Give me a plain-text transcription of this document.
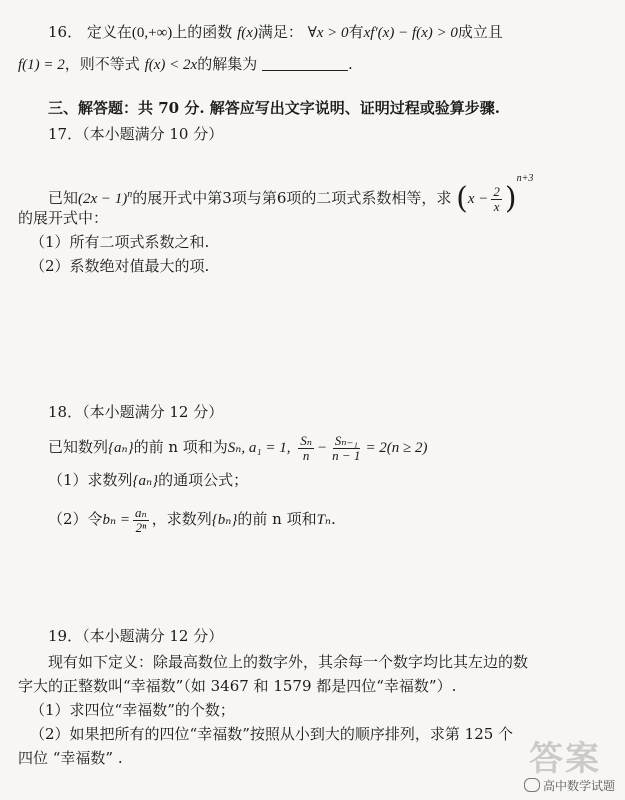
16． 定义在(0,+∞)上的函数 f(x)满足： ∀x > 0有xf′(x) − f(x) > 0成立且
f(1) = 2，则不等式 f(x) < 2x的解集为	.
三、解答题：共 70 分. 解答应写出文字说明、证明过程或验算步骤.
17．（本小题满分 10 分）
已知$(2x - 1)^n$的展开式中第3项与第6项的二项式系数相等，求 $(x - \frac{2}{x} )^{n+3}$
的展开式中：
（1）所有二项式系数之和.
（2）系数绝对值最大的项.
18．（本小题满分 12 分）
已知数列{aₙ}的前 n 项和为Sₙ, a₁ = 1, $\frac{\text{Sₙ}}{n} - \frac{\text{Sₙ₋₁}}{n - 1} = 2(n \ge 2)$
（1）求数列{aₙ}的通项公式；
（2）令$b_n = \frac{\text{aₙ}}{\text{2ⁿ}}$ ，求数列{bₙ}的前 n 项和Tₙ.
19．（本小题满分 12 分）
现有如下定义：除最高数位上的数字外，其余每一个数字均比其左边的数
字大的正整数叫“幸福数”（如 3467 和 1579 都是四位“幸福数”）.
（1）求四位“幸福数”的个数；
（2）如果把所有的四位“幸福数”按照从小到大的顺序排列，求第 125 个
四位 “幸福数” .	答案
高中数学试题
